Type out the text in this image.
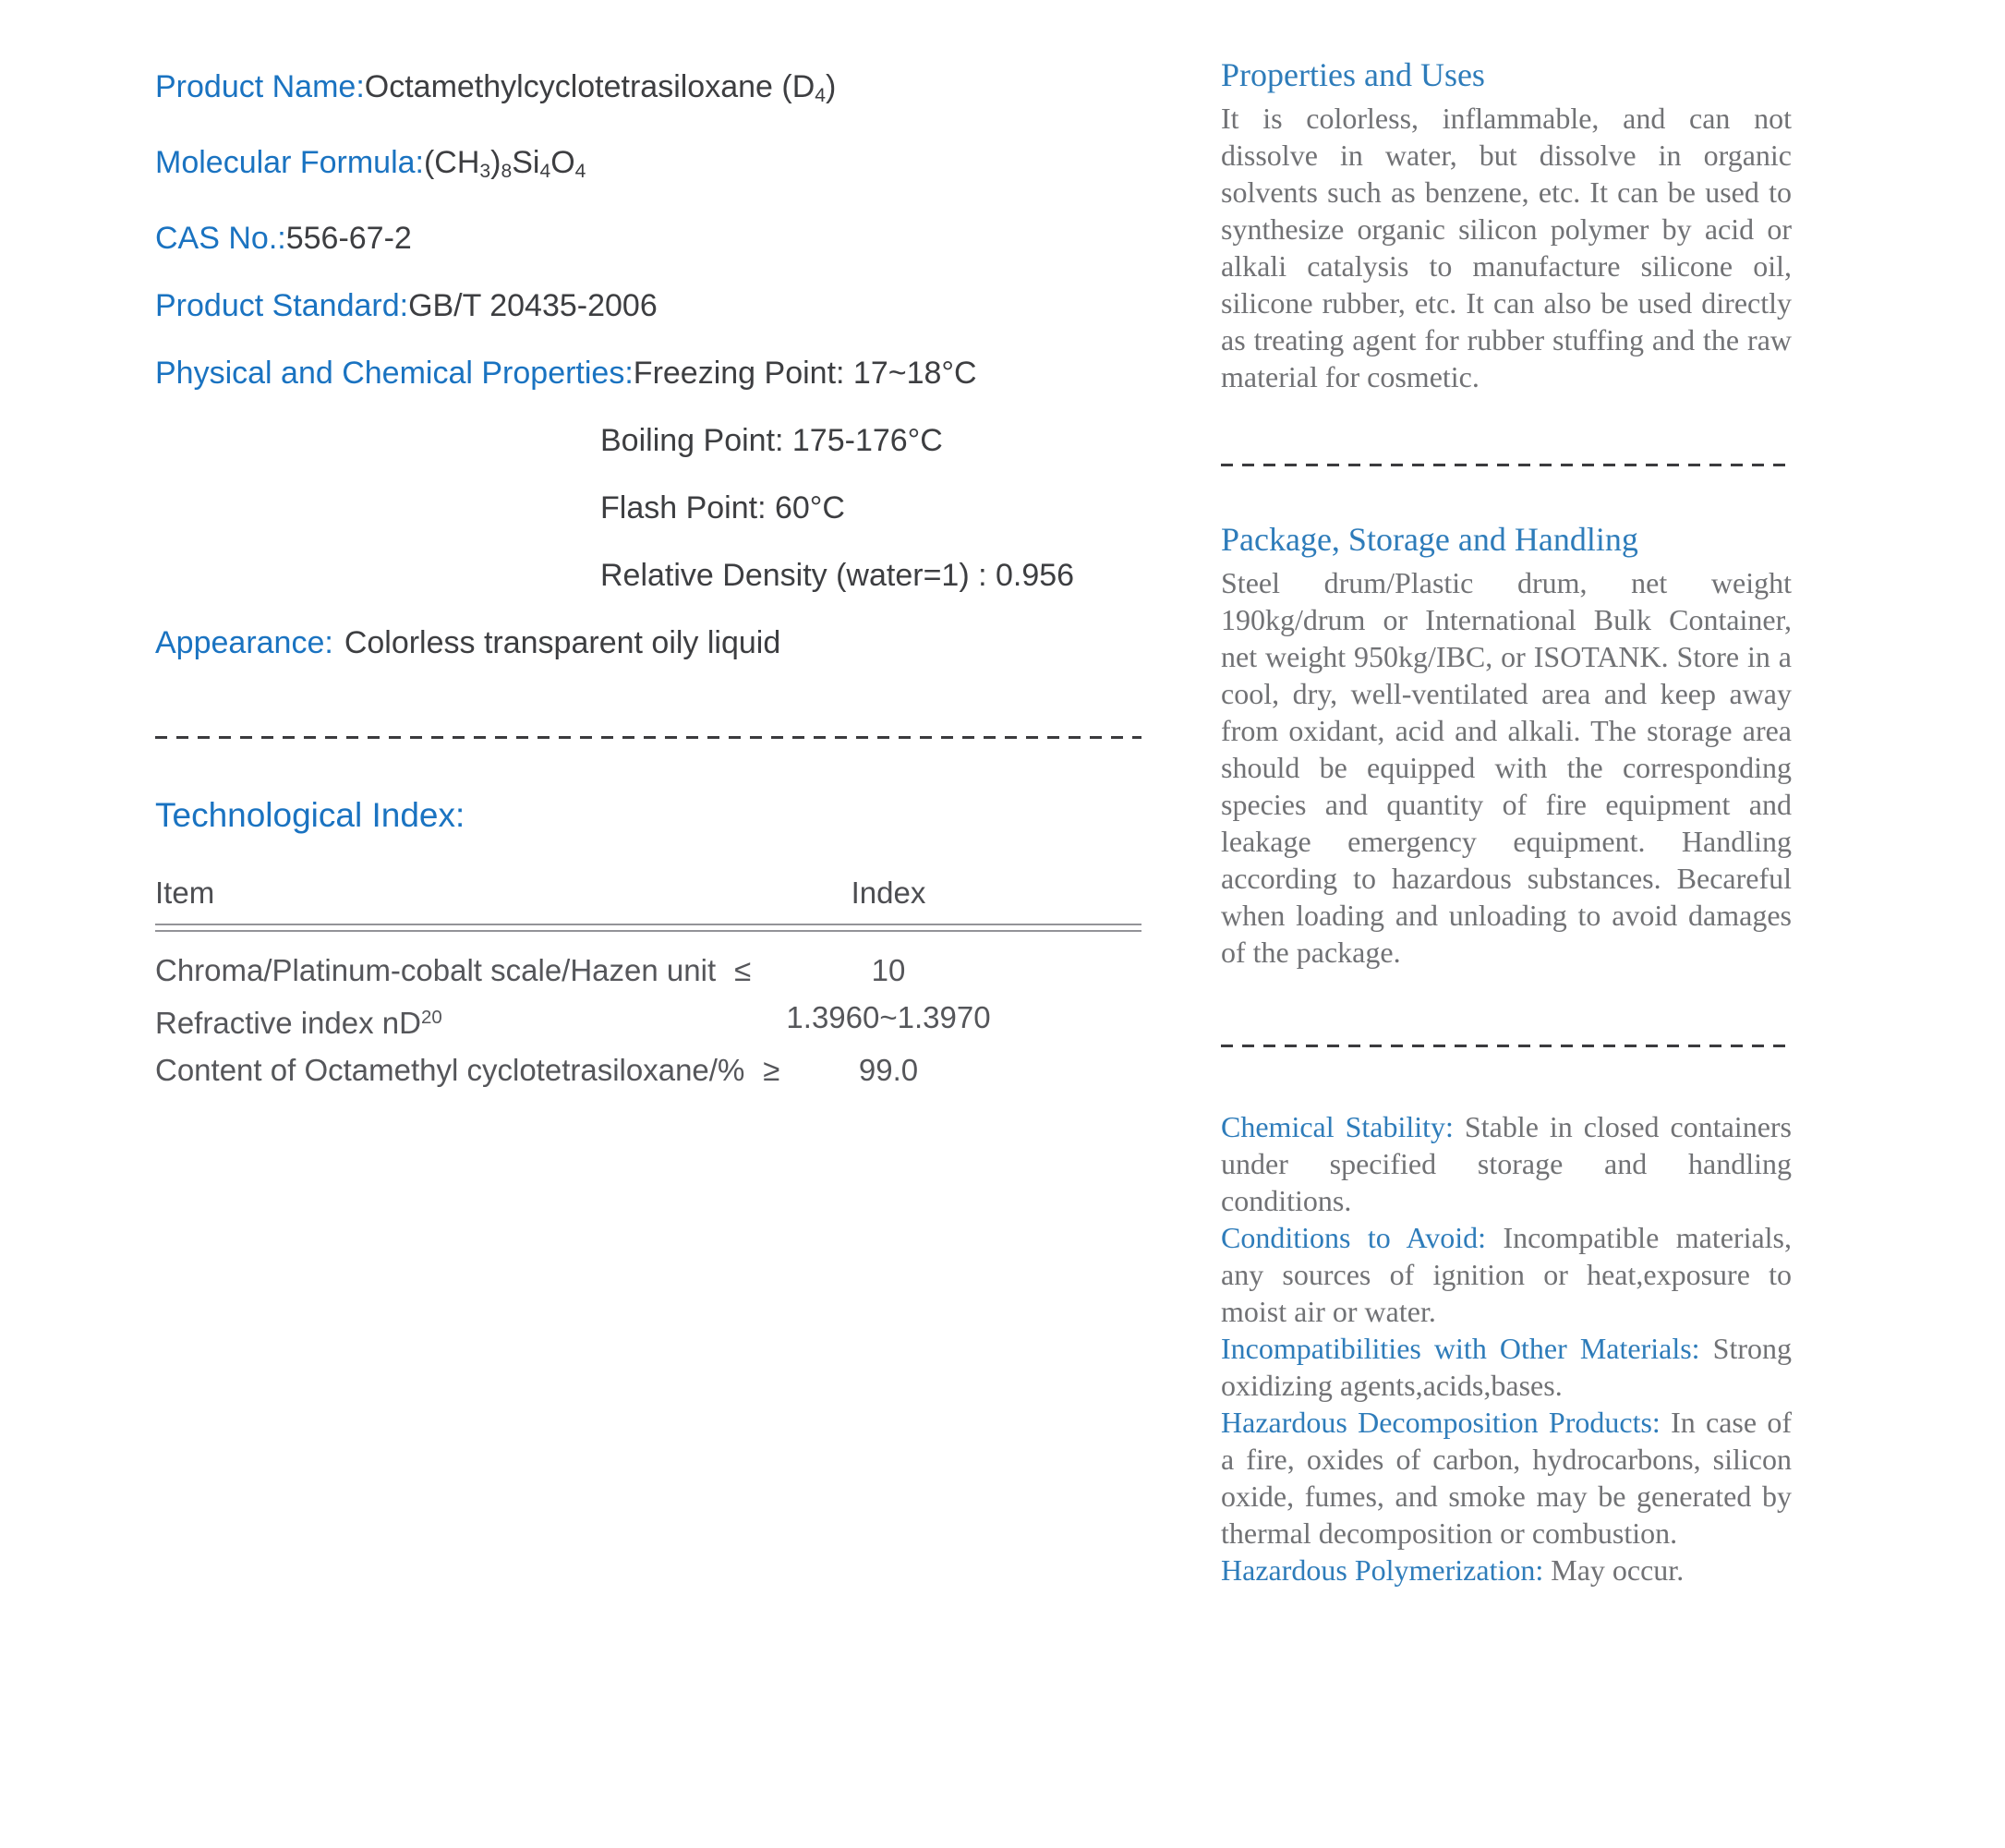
Product Name:Octamethylcyclotetrasiloxane $(D_4)$
Molecular $Formula:(CH_3)_8Si_4O_4$
CAS No.:556-67-2
Product Standard:GB/T 20435-2006
Physical and Chemical Properties:Freezing Point: 17~18°C
Boiling Point: 175-176°C
Flash Point: 60°C
Relative Density (water=1) : 0.956
Appearance: Colorless transparent oily liquid
Technological Index:
Item	Index
Chroma/Platinum-cobalt scale/Hazen unit ≤	10
Refractive index $nD^{20}$	1.3960~1.3970
Content of Octamethyl cyclotetrasiloxane/% ≥	99.0
Properties and Uses

It is colorless, inflammable, and can not dissolve in water, but dissolve in organic solvents such as benzene, etc. It can be used to synthesize organic silicon polymer by acid or alkali catalysis to manufacture silicone oil, silicone rubber, etc. It can also be used directly as treating agent for rubber stuffing and the raw material for cosmetic.

Package, Storage and Handling

Steel drum/Plastic drum, net weight 190kg/drum or International Bulk Container, net weight 950kg/IBC, or ISOTANK. Store in a cool, dry, well-ventilated area and keep away from oxidant, acid and alkali. The storage area should be equipped with the corresponding species and quantity of fire equipment and leakage emergency equipment. Handling according to hazardous substances. Becareful when loading and unloading to avoid damages of the package.

Chemical Stability: Stable in closed containers under specified storage and handling conditions.

Conditions to Avoid: Incompatible materials, any sources of ignition or heat,exposure to moist air or water.

Incompatibilities with Other Materials: Strong oxidizing agents,acids,bases.

Hazardous Decomposition Products: In case of a fire, oxides of carbon, hydrocarbons, silicon oxide, fumes, and smoke may be generated by thermal decomposition or combustion.

Hazardous Polymerization: May occur.
